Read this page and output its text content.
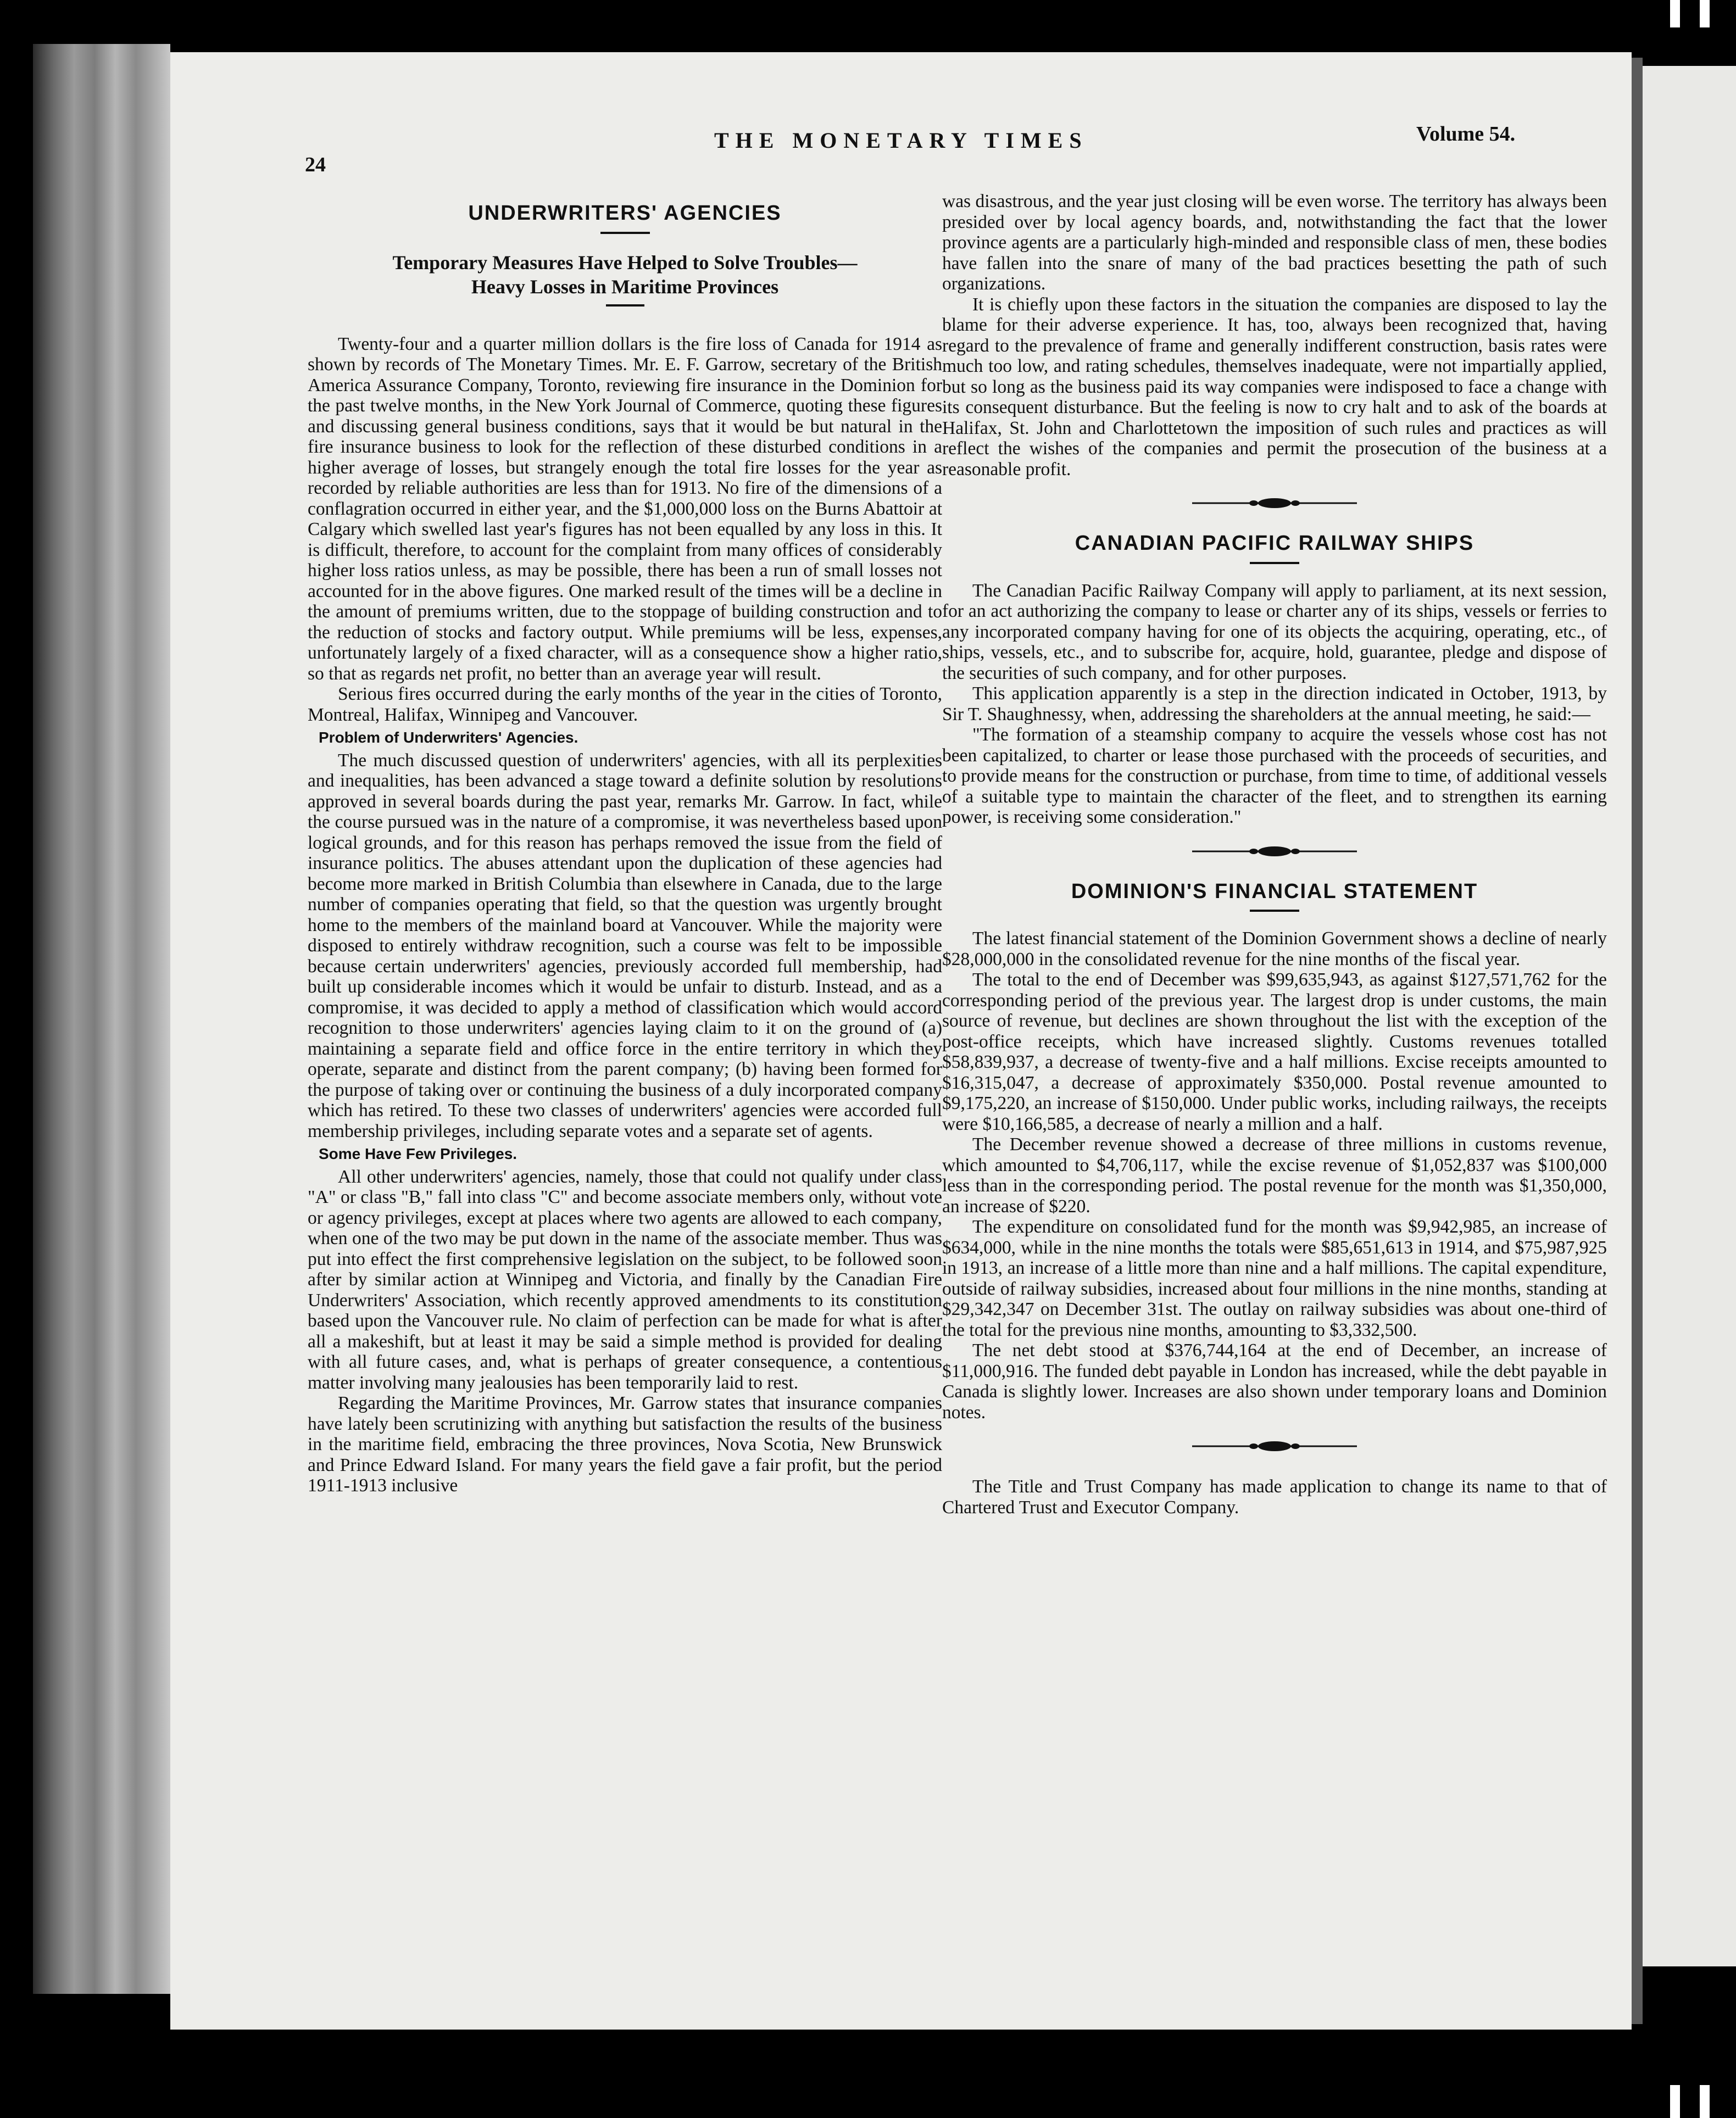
24
THE MONETARY TIMES	Volume 54.
UNDERWRITERS' AGENCIES
Temporary Measures Have Helped to Solve Troubles—
Heavy Losses in Maritime Provinces

Twenty-four and a quarter million dollars is the fire loss of Canada for 1914 as shown by records of The Monetary Times. Mr. E. F. Garrow, secretary of the British America Assurance Company, Toronto, reviewing fire insurance in the Dominion for the past twelve months, in the New York Journal of Commerce, quoting these figures and discussing general business conditions, says that it would be but natural in the fire insurance business to look for the reflection of these disturbed conditions in a higher average of losses, but strangely enough the total fire losses for the year as recorded by reliable authorities are less than for 1913. No fire of the dimensions of a conflagration occurred in either year, and the $1,000,000 loss on the Burns Abattoir at Calgary which swelled last year's figures has not been equalled by any loss in this. It is difficult, therefore, to account for the complaint from many offices of considerably higher loss ratios unless, as may be possible, there has been a run of small losses not accounted for in the above figures. One marked result of the times will be a decline in the amount of premiums written, due to the stoppage of building construction and to the reduction of stocks and factory output. While premiums will be less, expenses, unfortunately largely of a fixed character, will as a consequence show a higher ratio, so that as regards net profit, no better than an average year will result.

Serious fires occurred during the early months of the year in the cities of Toronto, Montreal, Halifax, Winnipeg and Vancouver.

Problem of Underwriters' Agencies.

The much discussed question of underwriters' agencies, with all its perplexities and inequalities, has been advanced a stage toward a definite solution by resolutions approved in several boards during the past year, remarks Mr. Garrow. In fact, while the course pursued was in the nature of a compromise, it was nevertheless based upon logical grounds, and for this reason has perhaps removed the issue from the field of insurance politics. The abuses attendant upon the duplication of these agencies had become more marked in British Columbia than elsewhere in Canada, due to the large number of companies operating that field, so that the question was urgently brought home to the members of the mainland board at Vancouver. While the majority were disposed to entirely withdraw recognition, such a course was felt to be impossible because certain underwriters' agencies, previously accorded full membership, had built up considerable incomes which it would be unfair to disturb. Instead, and as a compromise, it was decided to apply a method of classification which would accord recognition to those underwriters' agencies laying claim to it on the ground of (a) maintaining a separate field and office force in the entire territory in which they operate, separate and distinct from the parent company; (b) having been formed for the purpose of taking over or continuing the business of a duly incorporated company which has retired. To these two classes of underwriters' agencies were accorded full membership privileges, including separate votes and a separate set of agents.

Some Have Few Privileges.

All other underwriters' agencies, namely, those that could not qualify under class "A" or class "B," fall into class "C" and become associate members only, without vote or agency privileges, except at places where two agents are allowed to each company, when one of the two may be put down in the name of the associate member. Thus was put into effect the first comprehensive legislation on the subject, to be followed soon after by similar action at Winnipeg and Victoria, and finally by the Canadian Fire Underwriters' Association, which recently approved amendments to its constitution based upon the Vancouver rule. No claim of perfection can be made for what is after all a makeshift, but at least it may be said a simple method is provided for dealing with all future cases, and, what is perhaps of greater consequence, a contentious matter involving many jealousies has been temporarily laid to rest.

Regarding the Maritime Provinces, Mr. Garrow states that insurance companies have lately been scrutinizing with anything but satisfaction the results of the business in the maritime field, embracing the three provinces, Nova Scotia, New Brunswick and Prince Edward Island. For many years the field gave a fair profit, but the period 1911-1913 inclusive

was disastrous, and the year just closing will be even worse. The territory has always been presided over by local agency boards, and, notwithstanding the fact that the lower province agents are a particularly high-minded and responsible class of men, these bodies have fallen into the snare of many of the bad practices besetting the path of such organizations.

It is chiefly upon these factors in the situation the companies are disposed to lay the blame for their adverse experience. It has, too, always been recognized that, having regard to the prevalence of frame and generally indifferent construction, basis rates were much too low, and rating schedules, themselves inadequate, were not impartially applied, but so long as the business paid its way companies were indisposed to face a change with its consequent disturbance. But the feeling is now to cry halt and to ask of the boards at Halifax, St. John and Charlottetown the imposition of such rules and practices as will reflect the wishes of the companies and permit the prosecution of the business at a reasonable profit.

CANADIAN PACIFIC RAILWAY SHIPS

The Canadian Pacific Railway Company will apply to parliament, at its next session, for an act authorizing the company to lease or charter any of its ships, vessels or ferries to any incorporated company having for one of its objects the acquiring, operating, etc., of ships, vessels, etc., and to subscribe for, acquire, hold, guarantee, pledge and dispose of the securities of such company, and for other purposes.

This application apparently is a step in the direction indicated in October, 1913, by Sir T. Shaughnessy, when, addressing the shareholders at the annual meeting, he said:—

"The formation of a steamship company to acquire the vessels whose cost has not been capitalized, to charter or lease those purchased with the proceeds of securities, and to provide means for the construction or purchase, from time to time, of additional vessels of a suitable type to maintain the character of the fleet, and to strengthen its earning power, is receiving some consideration."

DOMINION'S FINANCIAL STATEMENT

The latest financial statement of the Dominion Government shows a decline of nearly $28,000,000 in the consolidated revenue for the nine months of the fiscal year.

The total to the end of December was $99,635,943, as against $127,571,762 for the corresponding period of the previous year. The largest drop is under customs, the main source of revenue, but declines are shown throughout the list with the exception of the post-office receipts, which have increased slightly. Customs revenues totalled $58,839,937, a decrease of twenty-five and a half millions. Excise receipts amounted to $16,315,047, a decrease of approximately $350,000. Postal revenue amounted to $9,175,220, an increase of $150,000. Under public works, including railways, the receipts were $10,166,585, a decrease of nearly a million and a half.

The December revenue showed a decrease of three millions in customs revenue, which amounted to $4,706,117, while the excise revenue of $1,052,837 was $100,000 less than in the corresponding period. The postal revenue for the month was $1,350,000, an increase of $220.

The expenditure on consolidated fund for the month was $9,942,985, an increase of $634,000, while in the nine months the totals were $85,651,613 in 1914, and $75,987,925 in 1913, an increase of a little more than nine and a half millions. The capital expenditure, outside of railway subsidies, increased about four millions in the nine months, standing at $29,342,347 on December 31st. The outlay on railway subsidies was about one-third of the total for the previous nine months, amounting to $3,332,500.

The net debt stood at $376,744,164 at the end of December, an increase of $11,000,916. The funded debt payable in London has increased, while the debt payable in Canada is slightly lower. Increases are also shown under temporary loans and Dominion notes.

The Title and Trust Company has made application to change its name to that of Chartered Trust and Executor Company.
